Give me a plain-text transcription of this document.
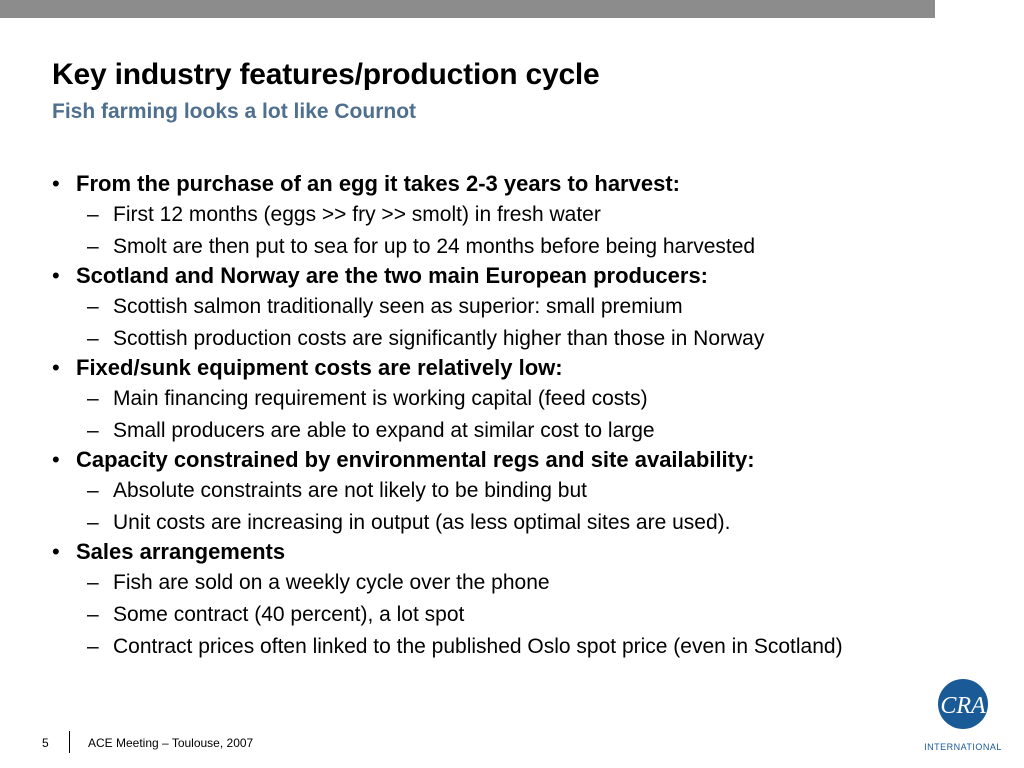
Key industry features/production cycle
Fish farming looks a lot like Cournot
• From the purchase of an egg it takes 2-3 years to harvest:
– First 12 months (eggs >> fry >> smolt) in fresh water
– Smolt are then put to sea for up to 24 months before being harvested
• Scotland and Norway are the two main European producers:
– Scottish salmon traditionally seen as superior: small premium
– Scottish production costs are significantly higher than those in Norway
• Fixed/sunk equipment costs are relatively low:
– Main financing requirement is working capital (feed costs)
– Small producers are able to expand at similar cost to large
• Capacity constrained by environmental regs and site availability:
– Absolute constraints are not likely to be binding but
– Unit costs are increasing in output (as less optimal sites are used).
• Sales arrangements
– Fish are sold on a weekly cycle over the phone
– Some contract (40 percent), a lot spot
– Contract prices often linked to the published Oslo spot price (even in Scotland)
5	ACE Meeting – Toulouse, 2007
CRA
INTERNATIONAL
